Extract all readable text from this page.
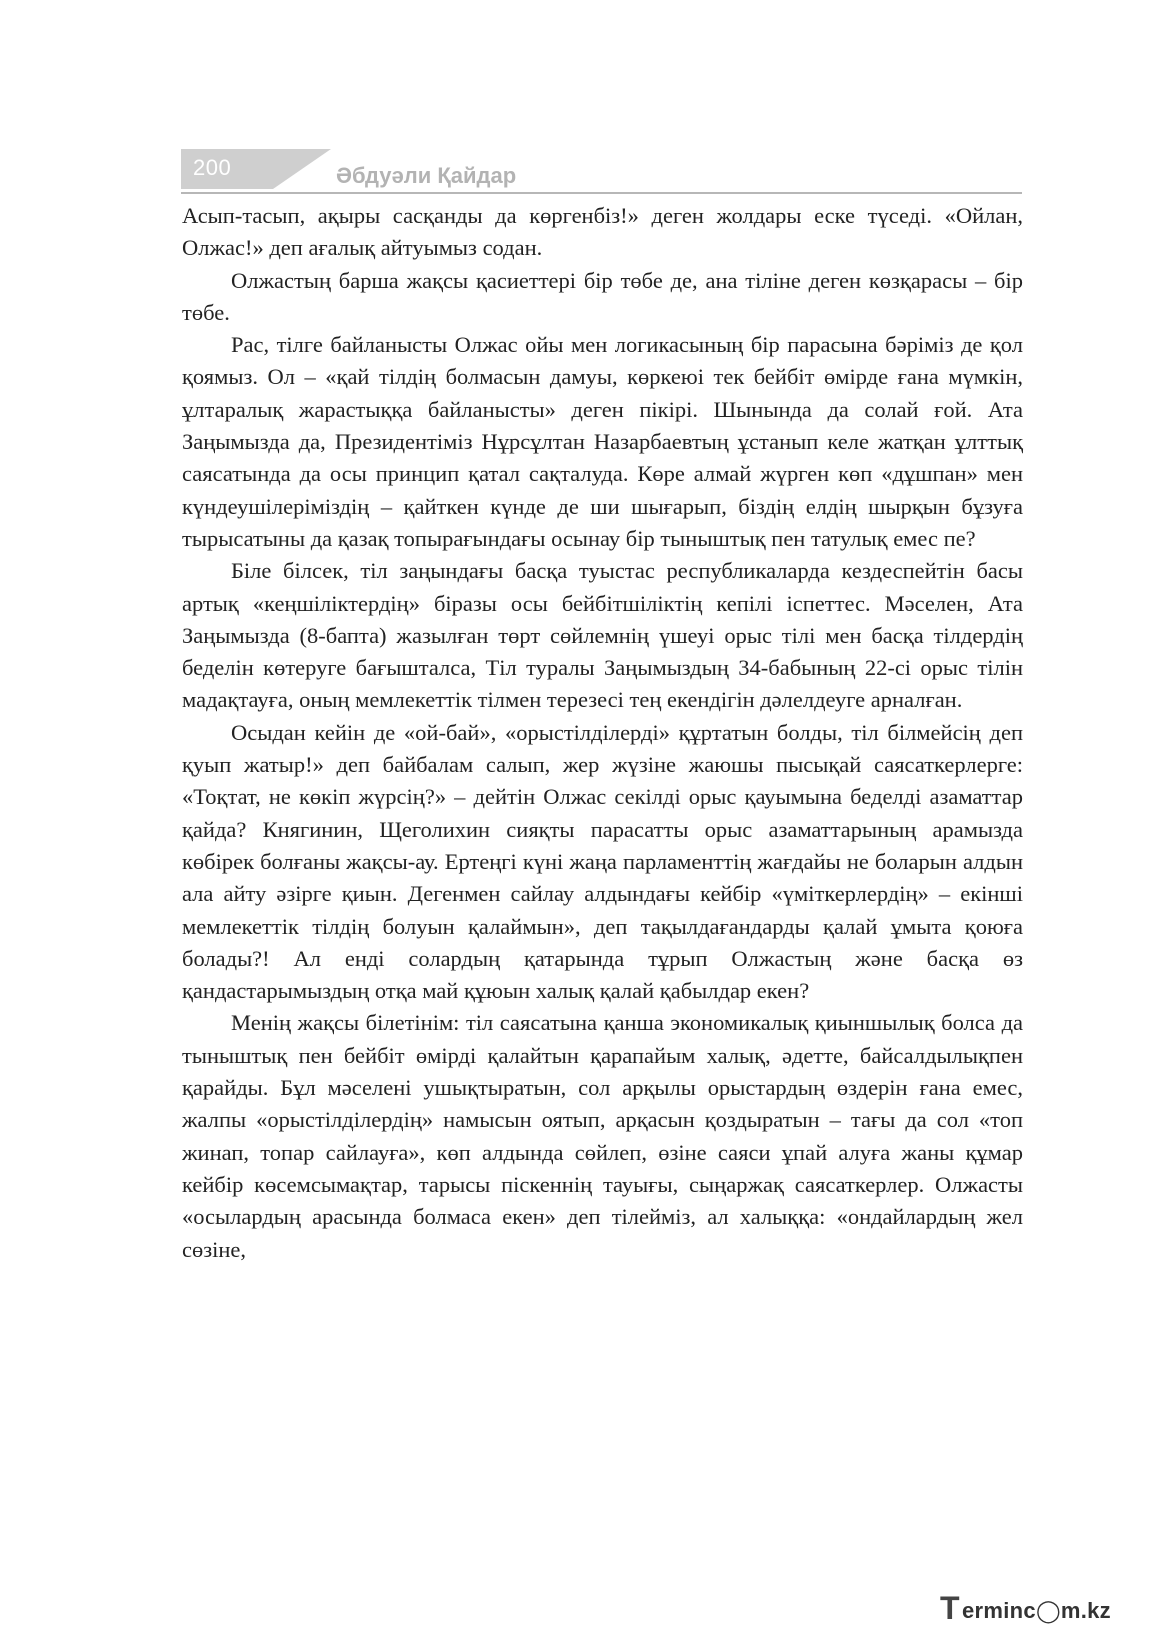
200	Әбдуәли Қайдар

Асып-тасып, ақыры сасқанды да көргенбіз!» деген жолдары еске түседі. «Ойлан, Олжас!» деп ағалық айтуымыз содан.

Олжастың барша жақсы қасиеттері бір төбе де, ана тіліне деген көзқарасы – бір төбе.

Рас, тілге байланысты Олжас ойы мен логикасының бір парасына бәріміз де қол қоямыз. Ол – «қай тілдің болмасын дамуы, көркеюі тек бейбіт өмірде ғана мүмкін, ұлтаралық жарастыққа байланысты» деген пікірі. Шынында да солай ғой. Ата Заңымызда да, Президентіміз Нұрсұлтан Назарбаевтың ұстанып келе жатқан ұлттық саясатында да осы принцип қатал сақталуда. Көре алмай жүрген көп «дұшпан» мен күндеушілеріміздің – қайткен күнде де ши шығарып, біздің елдің шырқын бұзуға тырысатыны да қазақ топырағындағы осынау бір тыныштық пен татулық емес пе?

Біле білсек, тіл заңындағы басқа туыстас республикаларда кездеспейтін басы артық «кеңшіліктердің» біразы осы бейбітшіліктің кепілі іспеттес. Мәселен, Ата Заңымызда (8-бапта) жазылған төрт сөйлемнің үшеуі орыс тілі мен басқа тілдердің беделін көтеруге бағышталса, Тіл туралы Заңымыздың 34-бабының 22-сі орыс тілін мадақтауға, оның мемлекеттік тілмен терезесі тең екендігін дәлелдеуге арналған.

Осыдан кейін де «ой-бай», «орыстілділерді» құртатын болды, тіл білмейсің деп қуып жатыр!» деп байбалам салып, жер жүзіне жаюшы пысықай саясаткерлерге: «Тоқтат, не көкіп жүрсің?» – дейтін Олжас секілді орыс қауымына беделді азаматтар қайда? Княгинин, Щеголихин сияқты парасатты орыс азаматтарының арамызда көбірек болғаны жақсы-ау. Ертеңгі күні жаңа парламенттің жағдайы не боларын алдын ала айту әзірге қиын. Дегенмен сайлау алдындағы кейбір «үміткерлердің» – екінші мемлекеттік тілдің болуын қалаймын», деп тақылдағандарды қалай ұмыта қоюға болады?! Ал енді солардың қатарында тұрып Олжастың және басқа өз қандастарымыздың отқа май құюын халық қалай қабылдар екен?

Менің жақсы білетінім: тіл саясатына қанша экономикалық қиыншылық болса да тыныштық пен бейбіт өмірді қалайтын қарапайым халық, әдетте, байсалдылықпен қарайды. Бұл мәселені ушықтыратын, сол арқылы орыстардың өздерін ғана емес, жалпы «орыстілділердің» намысын оятып, арқасын қоздыратын – тағы да сол «топ жинап, топар сайлауға», көп алдында сөйлеп, өзіне саяси ұпай алуға жаны құмар кейбір көсемсымақтар, тарысы піскеннің тауығы, сыңаржақ саясаткерлер. Олжасты «осылардың арасында болмаса екен» деп тілейміз, ал халыққа: «ондайлардың жел сөзіне,

T erminc◯m.kz
